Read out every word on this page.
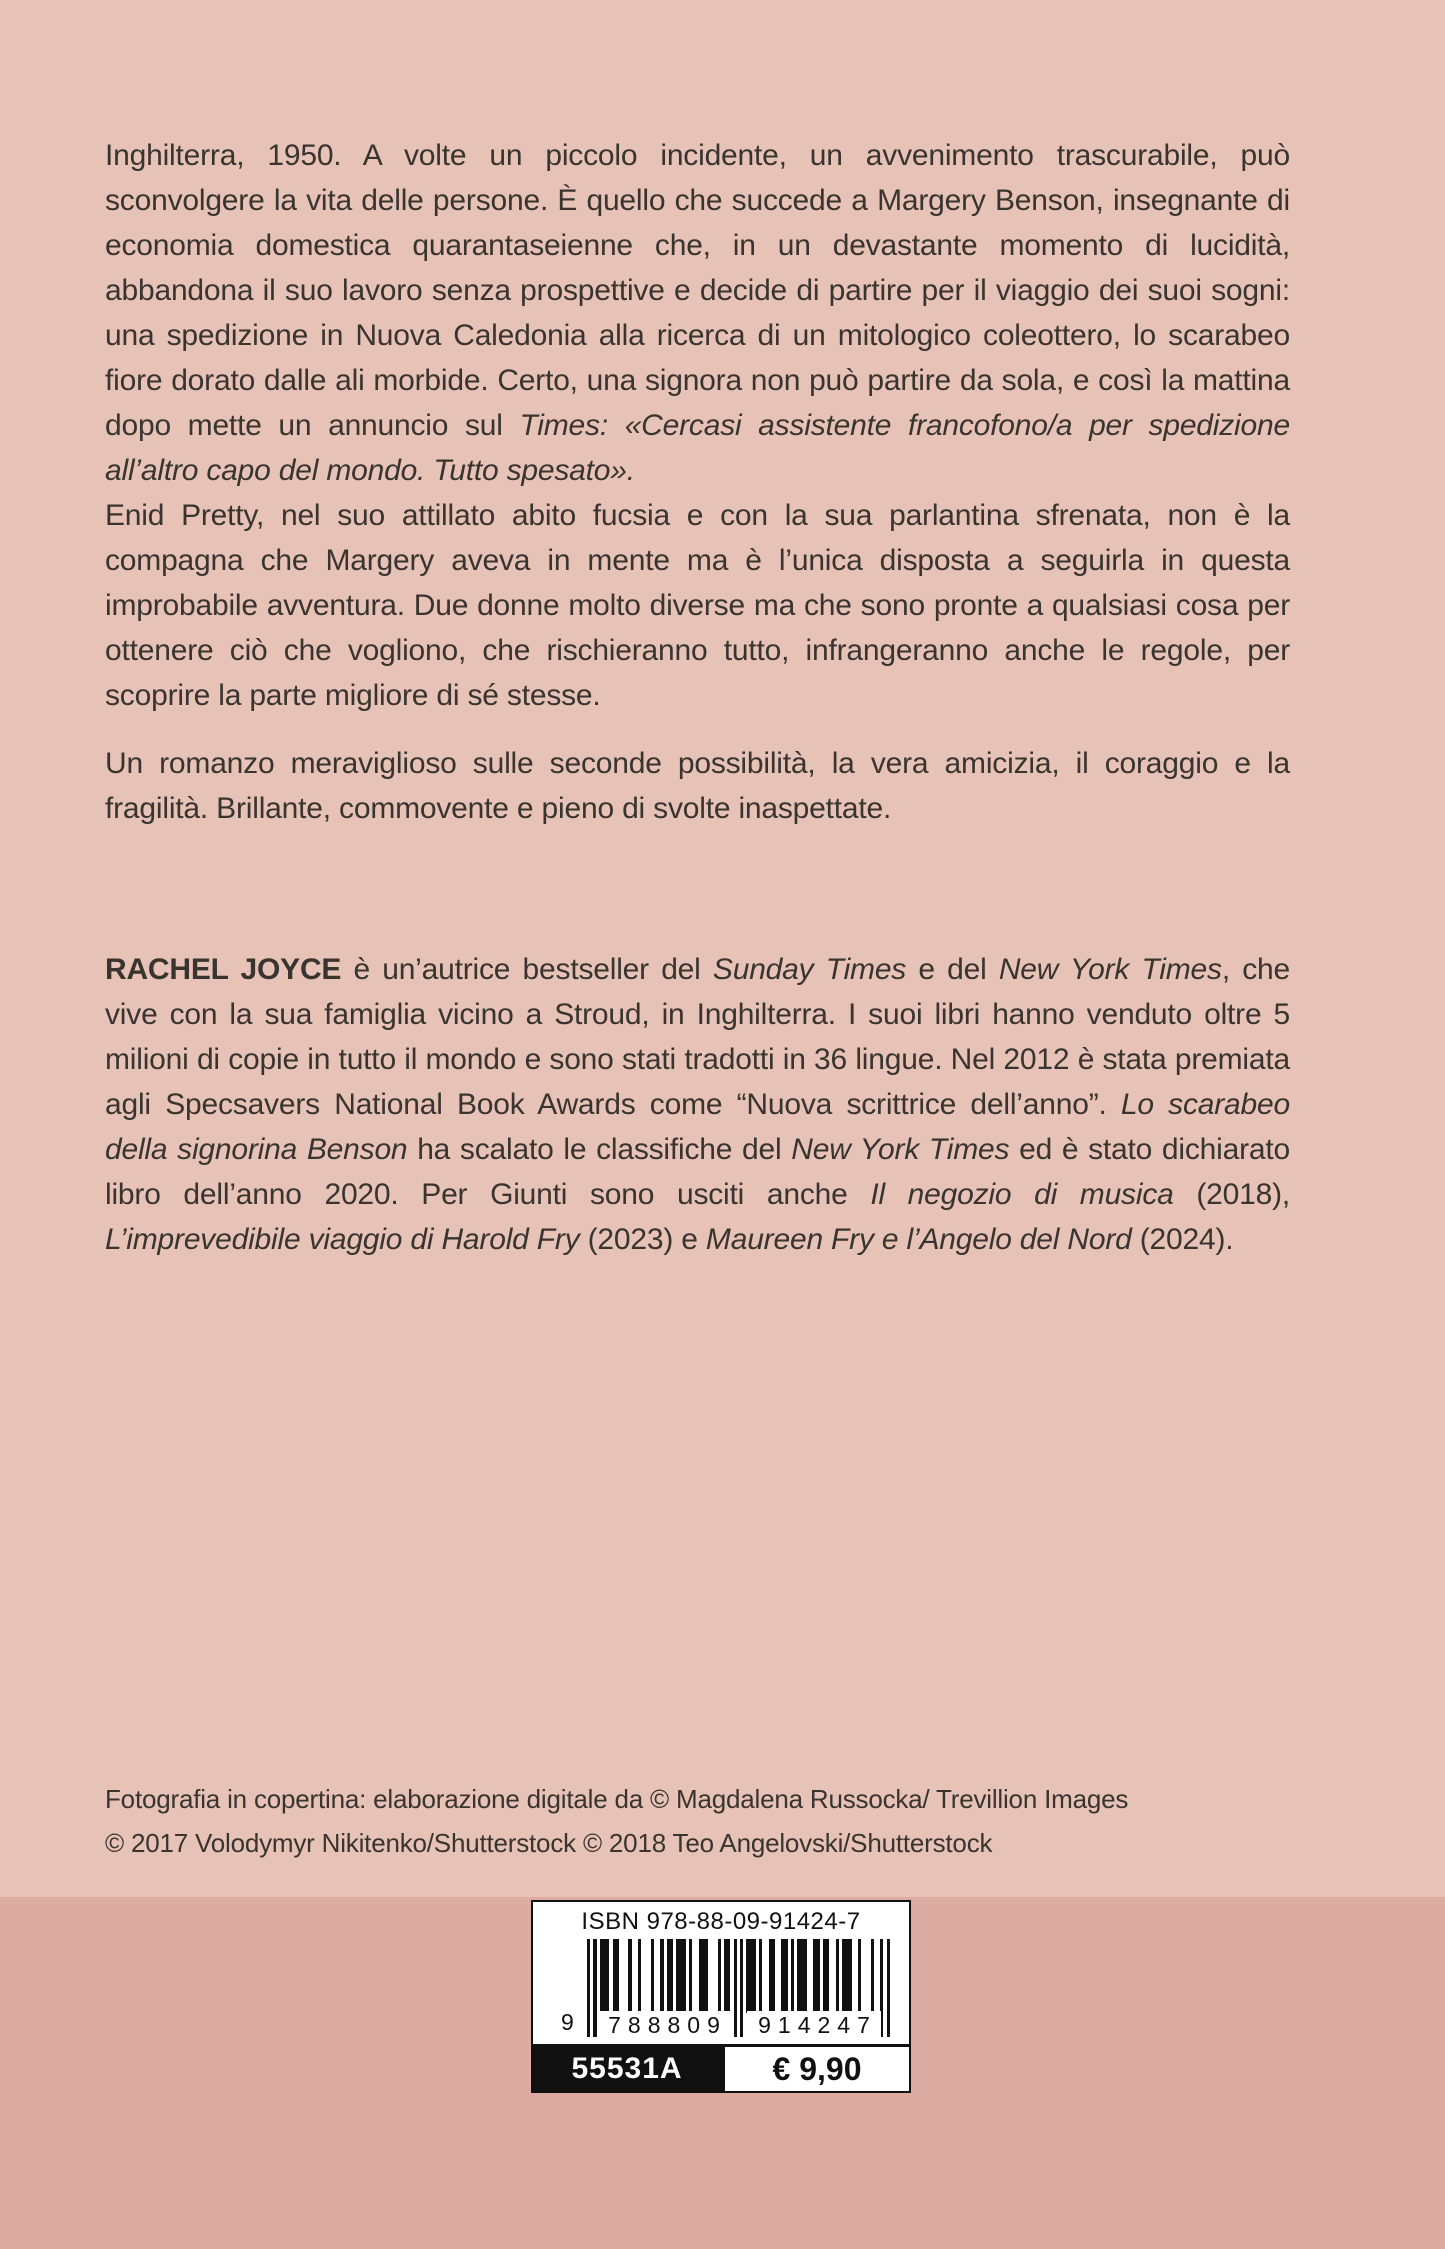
Inghilterra, 1950. A volte un piccolo incidente, un avvenimento trascurabile, può sconvolgere la vita delle persone. È quello che succede a Margery Benson, insegnante di economia domestica quarantaseienne che, in un devastante momento di lucidità, abbandona il suo lavoro senza prospettive e decide di partire per il viaggio dei suoi sogni: una spedizione in Nuova Caledonia alla ricerca di un mitologico coleottero, lo scarabeo fiore dorato dalle ali morbide. Certo, una signora non può partire da sola, e così la mattina dopo mette un annuncio sul Times: «Cercasi assistente francofono/a per spedizione all’altro capo del mondo. Tutto spesato».

Enid Pretty, nel suo attillato abito fucsia e con la sua parlantina sfrenata, non è la compagna che Margery aveva in mente ma è l’unica disposta a seguirla in questa improbabile avventura. Due donne molto diverse ma che sono pronte a qualsiasi cosa per ottenere ciò che vogliono, che rischieranno tutto, infrangeranno anche le regole, per scoprire la parte migliore di sé stesse.

Un romanzo meraviglioso sulle seconde possibilità, la vera amicizia, il coraggio e la fragilità. Brillante, commovente e pieno di svolte inaspettate.

RACHEL JOYCE è un’autrice bestseller del Sunday Times e del New York Times, che vive con la sua famiglia vicino a Stroud, in Inghilterra. I suoi libri hanno venduto oltre 5 milioni di copie in tutto il mondo e sono stati tradotti in 36 lingue. Nel 2012 è stata premiata agli Specsavers National Book Awards come “Nuova scrittrice dell’anno”. Lo scarabeo della signorina Benson ha scalato le classifiche del New York Times ed è stato dichiarato libro dell’anno 2020. Per Giunti sono usciti anche Il negozio di musica (2018), L’imprevedibile viaggio di Harold Fry (2023) e Maureen Fry e l’Angelo del Nord (2024).

Fotografia in copertina: elaborazione digitale da © Magdalena Russocka/ Trevillion Images

© 2017 Volodymyr Nikitenko/Shutterstock © 2018 Teo Angelovski/Shutterstock

ISBN 978-88-09-91424-7
9	788809	914247
55531A	€ 9,90
